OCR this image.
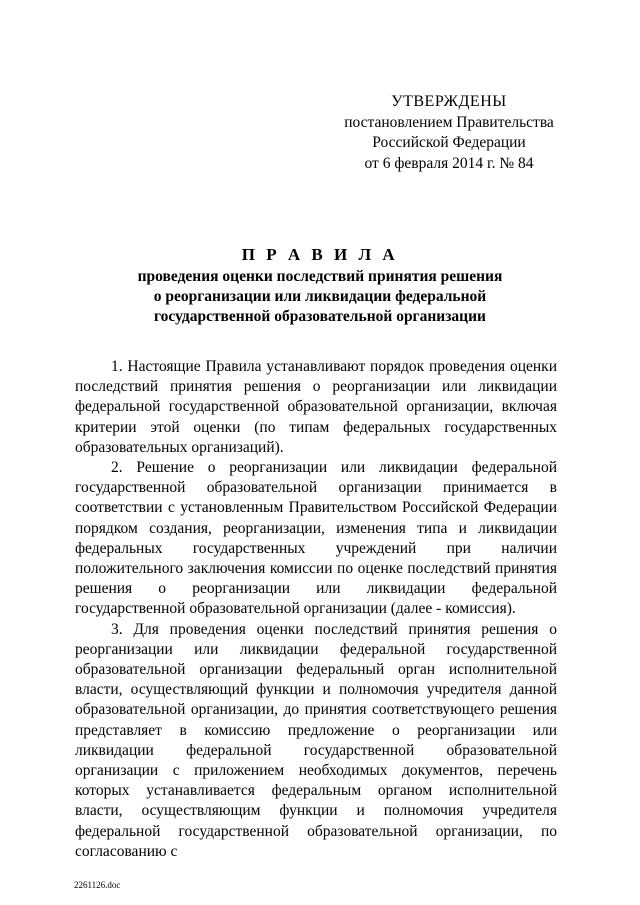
УТВЕРЖДЕНЫ
постановлением Правительства
Российской Федерации
от 6 февраля 2014 г. № 84
П Р А В И Л А
проведения оценки последствий принятия решения
о реорганизации или ликвидации федеральной
государственной образовательной организации

1. Настоящие Правила устанавливают порядок проведения оценки последствий принятия решения о реорганизации или ликвидации федеральной государственной образовательной организации, включая критерии этой оценки (по типам федеральных государственных образовательных организаций).

2. Решение о реорганизации или ликвидации федеральной государственной образовательной организации принимается в соответствии с установленным Правительством Российской Федерации порядком создания, реорганизации, изменения типа и ликвидации федеральных государственных учреждений при наличии положительного заключения комиссии по оценке последствий принятия решения о реорганизации или ликвидации федеральной государственной образовательной организации (далее - комиссия).

3. Для проведения оценки последствий принятия решения о реорганизации или ликвидации федеральной государственной образовательной организации федеральный орган исполнительной власти, осуществляющий функции и полномочия учредителя данной образовательной организации, до принятия соответствующего решения представляет в комиссию предложение о реорганизации или ликвидации федеральной государственной образовательной организации с приложением необходимых документов, перечень которых устанавливается федеральным органом исполнительной власти, осуществляющим функции и полномочия учредителя федеральной государственной образовательной организации, по согласованию с

2261126.doc
